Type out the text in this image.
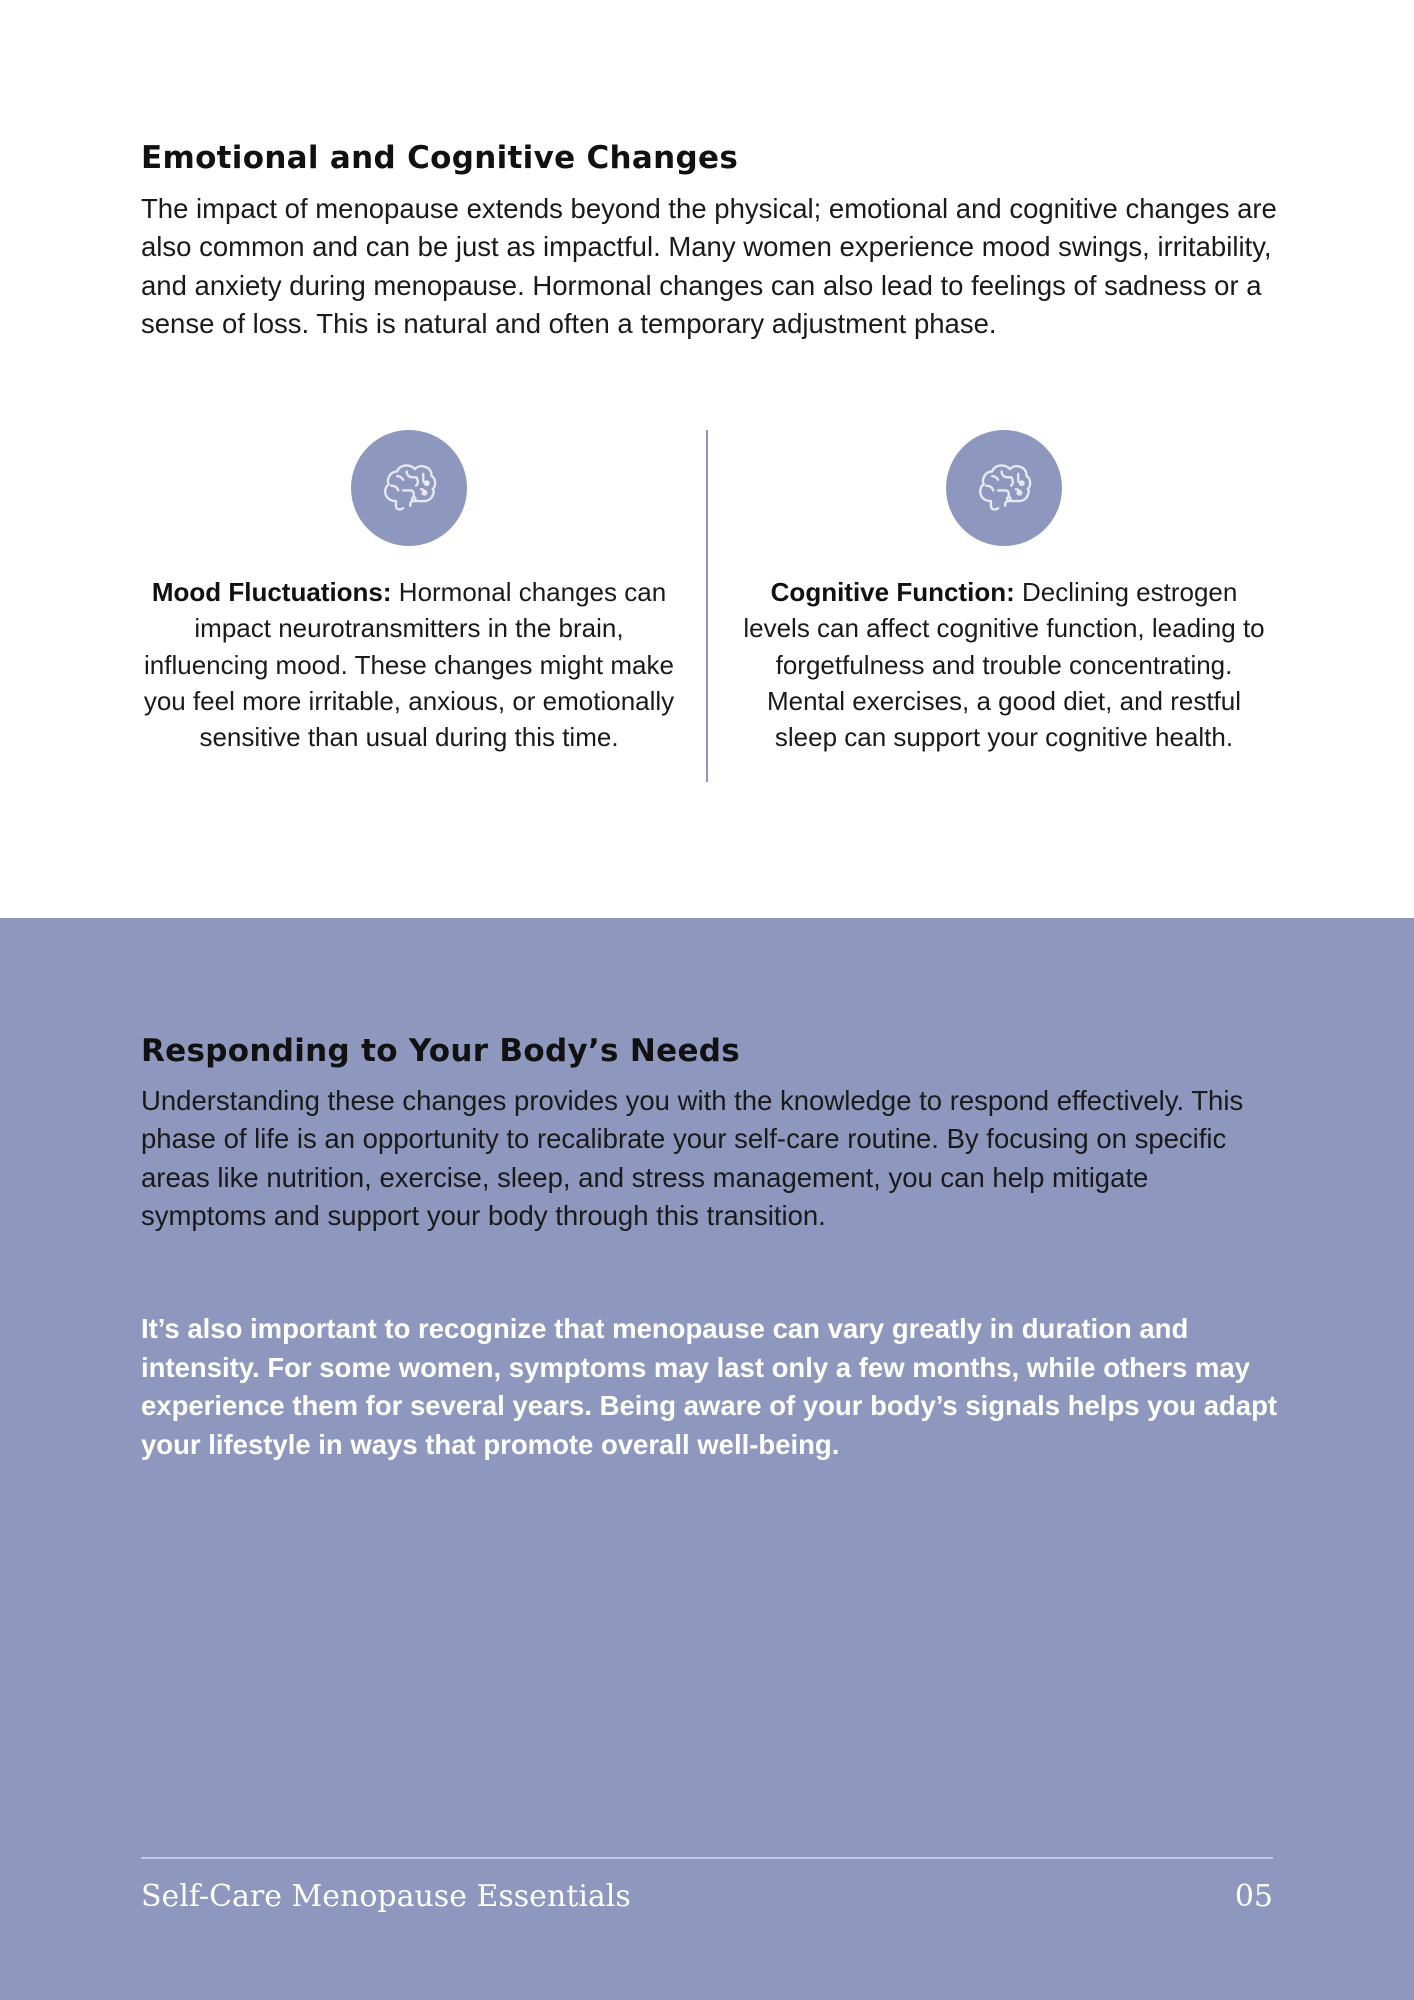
Emotional and Cognitive Changes

The impact of menopause extends beyond the physical; emotional and cognitive changes are also common and can be just as impactful. Many women experience mood swings, irritability, and anxiety during menopause. Hormonal changes can also lead to feelings of sadness or a sense of loss. This is natural and often a temporary adjustment phase.

Mood Fluctuations: Hormonal changes can impact neurotransmitters in the brain, influencing mood. These changes might make you feel more irritable, anxious, or emotionally sensitive than usual during this time.

Cognitive Function: Declining estrogen levels can affect cognitive function, leading to forgetfulness and trouble concentrating. Mental exercises, a good diet, and restful sleep can support your cognitive health.

Responding to Your Body’s Needs

Understanding these changes provides you with the knowledge to respond effectively. This phase of life is an opportunity to recalibrate your self-care routine. By focusing on specific areas like nutrition, exercise, sleep, and stress management, you can help mitigate symptoms and support your body through this transition.

It’s also important to recognize that menopause can vary greatly in duration and intensity. For some women, symptoms may last only a few months, while others may experience them for several years. Being aware of your body’s signals helps you adapt your lifestyle in ways that promote overall well-being.

Self-Care Menopause Essentials	05
